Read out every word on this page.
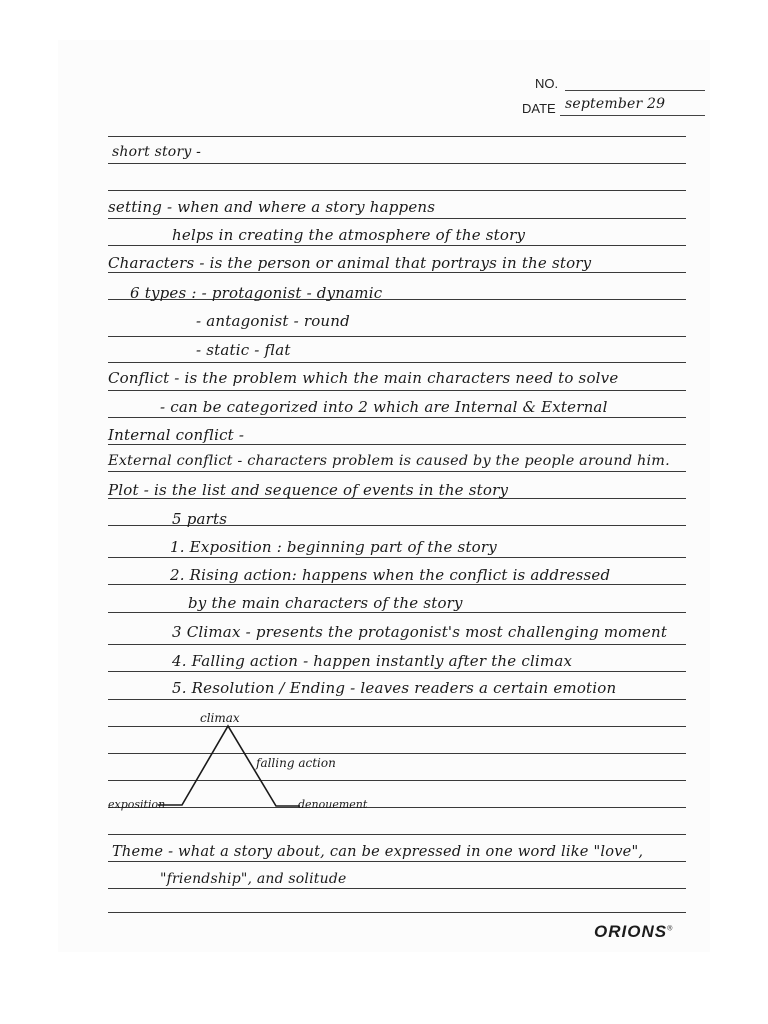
NO.
DATE september 29
short story -
setting - when and where a story happens
helps in creating the atmosphere of the story
Characters - is the person or animal that portrays in the story
6 types : - protagonist - dynamic
- antagonist - round
- static - flat
Conflict - is the problem which the main characters need to solve
- can be categorized into 2 which are Internal & External
Internal conflict -
External conflict - characters problem is caused by the people around him.
Plot - is the list and sequence of events in the story
5 parts
1. Exposition : beginning part of the story
2. Rising action: happens when the conflict is addressed
by the main characters of the story
3 Climax - presents the protagonist's most challenging moment
4. Falling action - happen instantly after the climax
5. Resolution / Ending - leaves readers a certain emotion
climax
falling action
exposition	denouement
Theme - what a story about, can be expressed in one word like "love",
"friendship", and solitude
ORIONS®
